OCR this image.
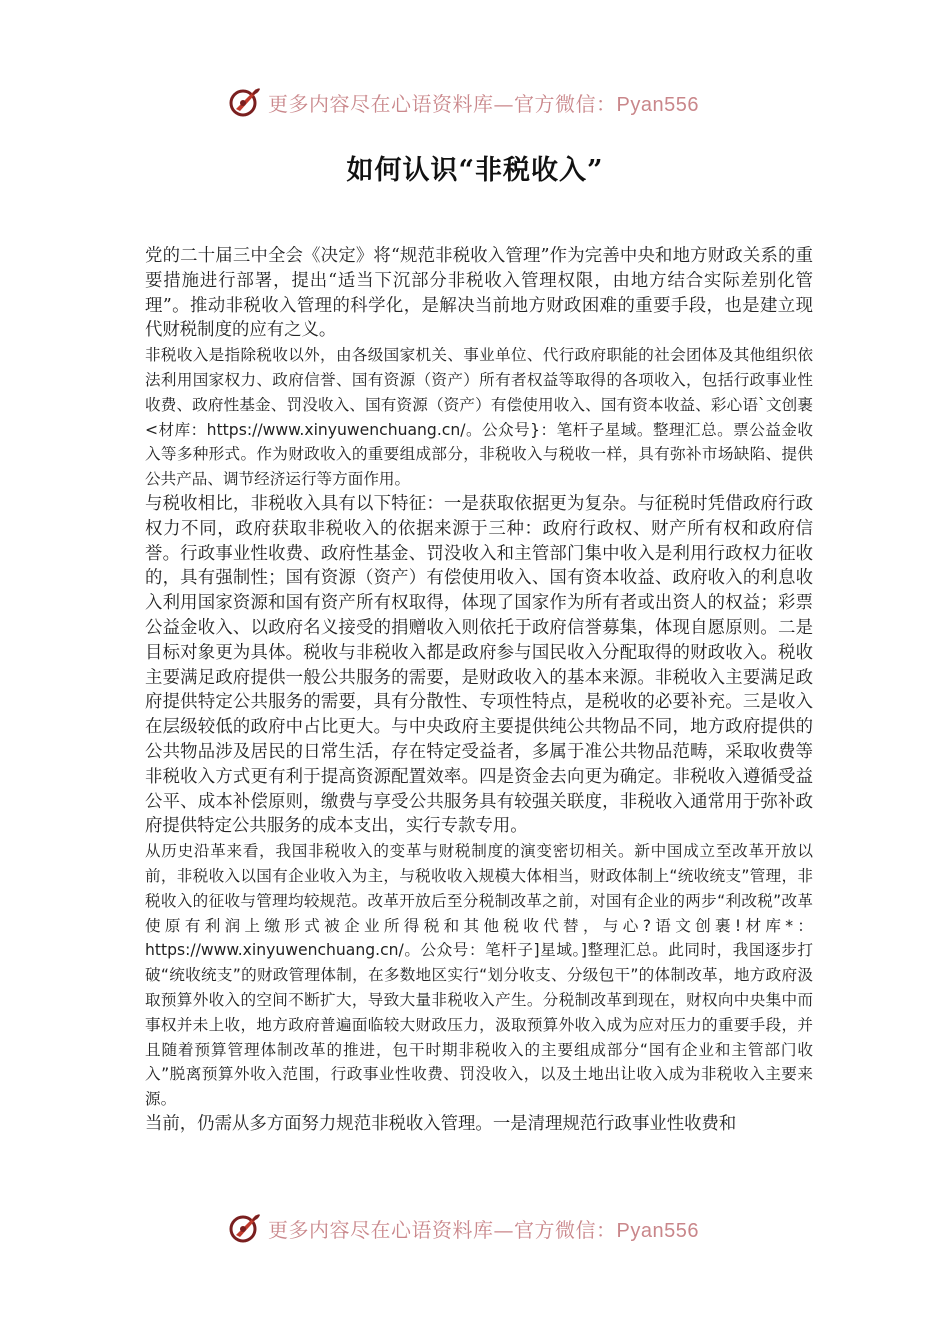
更多内容尽在心语资料库—官方微信：Pyan556
如何认识“非税收入”

党的二十届三中全会《决定》将“规范非税收入管理”作为完善中央和地方财政关系的重要措施进行部署，提出“适当下沉部分非税收入管理权限，由地方结合实际差别化管理”。推动非税收入管理的科学化，是解决当前地方财政困难的重要手段，也是建立现代财税制度的应有之义。

非税收入是指除税收以外，由各级国家机关、事业单位、代行政府职能的社会团体及其他组织依法利用国家权力、政府信誉、国有资源（资产）所有者权益等取得的各项收入，包括行政事业性收费、政府性基金、罚没收入、国有资源（资产）有偿使用收入、国有资本收益、彩心语`文创裹<材库：https://www.xinyuwenchuang.cn/。公众号}：笔杆子星域。整理汇总。票公益金收入等多种形式。作为财政收入的重要组成部分，非税收入与税收一样，具有弥补市场缺陷、提供公共产品、调节经济运行等方面作用。

与税收相比，非税收入具有以下特征：一是获取依据更为复杂。与征税时凭借政府行政权力不同，政府获取非税收入的依据来源于三种：政府行政权、财产所有权和政府信誉。行政事业性收费、政府性基金、罚没收入和主管部门集中收入是利用行政权力征收的，具有强制性；国有资源（资产）有偿使用收入、国有资本收益、政府收入的利息收入利用国家资源和国有资产所有权取得，体现了国家作为所有者或出资人的权益；彩票公益金收入、以政府名义接受的捐赠收入则依托于政府信誉募集，体现自愿原则。二是目标对象更为具体。税收与非税收入都是政府参与国民收入分配取得的财政收入。税收主要满足政府提供一般公共服务的需要，是财政收入的基本来源。非税收入主要满足政府提供特定公共服务的需要，具有分散性、专项性特点，是税收的必要补充。三是收入在层级较低的政府中占比更大。与中央政府主要提供纯公共物品不同，地方政府提供的公共物品涉及居民的日常生活，存在特定受益者，多属于准公共物品范畴，采取收费等非税收入方式更有利于提高资源配置效率。四是资金去向更为确定。非税收入遵循受益公平、成本补偿原则，缴费与享受公共服务具有较强关联度，非税收入通常用于弥补政府提供特定公共服务的成本支出，实行专款专用。

从历史沿革来看，我国非税收入的变革与财税制度的演变密切相关。新中国成立至改革开放以前，非税收入以国有企业收入为主，与税收收入规模大体相当，财政体制上“统收统支”管理，非税收入的征收与管理均较规范。改革开放后至分税制改革之前，对国有企业的两步“利改税”改革使原有利润上缴形式被企业所得税和其他税收代替，与心?语文创裹!材库*：https://www.xinyuwenchuang.cn/。公众号：笔杆子]星域。]整理汇总。此同时，我国逐步打破“统收统支”的财政管理体制，在多数地区实行“划分收支、分级包干”的体制改革，地方政府汲取预算外收入的空间不断扩大，导致大量非税收入产生。分税制改革到现在，财权向中央集中而事权并未上收，地方政府普遍面临较大财政压力，汲取预算外收入成为应对压力的重要手段，并且随着预算管理体制改革的推进，包干时期非税收入的主要组成部分“国有企业和主管部门收入”脱离预算外收入范围，行政事业性收费、罚没收入，以及土地出让收入成为非税收入主要来源。

当前，仍需从多方面努力规范非税收入管理。一是清理规范行政事业性收费和

更多内容尽在心语资料库—官方微信：Pyan556
